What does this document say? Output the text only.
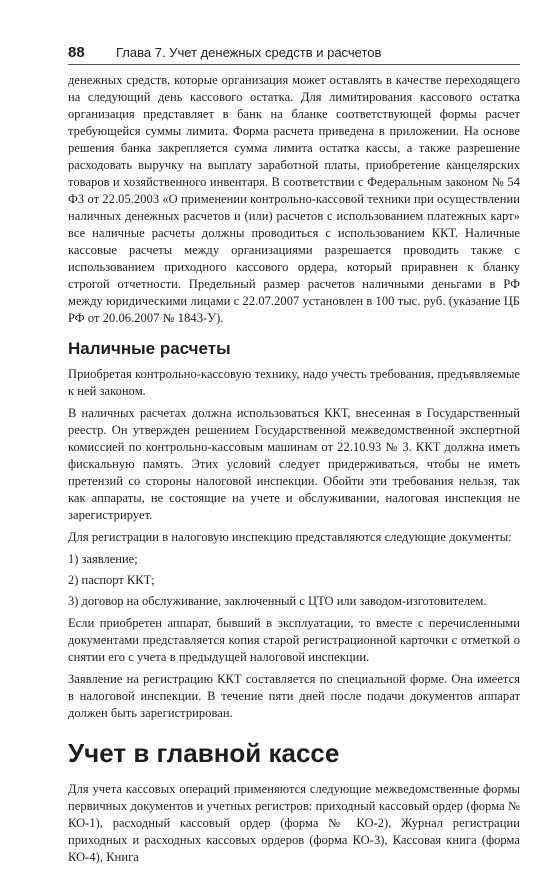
88 Глава 7. Учет денежных средств и расчетов

денежных средств, которые организация может оставлять в качестве переходящего на следующий день кассового остатка. Для лимитирования кассового остатка организация представляет в банк на бланке соответствующей формы расчет требующейся суммы лимита. Форма расчета приведена в приложении. На основе решения банка закрепляется сумма лимита остатка кассы, а также разрешение расходовать выручку на выплату заработной платы, приобретение канцелярских товаров и хозяйственного инвентаря. В соответствии с Федеральным законом № 54 ФЗ от 22.05.2003 «О применении контрольно-кассовой техники при осуществлении наличных денежных расчетов и (или) расчетов с использованием платежных карт» все наличные расчеты должны проводиться с использованием ККТ. Наличные кассовые расчеты между организациями разрешается проводить также с использованием приходного кассового ордера, который приравнен к бланку строгой отчетности. Предельный размер расчетов наличными деньгами в РФ между юридическими лицами с 22.07.2007 установлен в 100 тыс. руб. (указание ЦБ РФ от 20.06.2007 № 1843-У).

Наличные расчеты

Приобретая контрольно-кассовую технику, надо учесть требования, предъявляемые к ней законом.

В наличных расчетах должна использоваться ККТ, внесенная в Государственный реестр. Он утвержден решением Государственной межведомственной экспертной комиссией по контрольно-кассовым машинам от 22.10.93 № 3. ККТ должна иметь фискальную память. Этих условий следует придерживаться, чтобы не иметь претензий со стороны налоговой инспекции. Обойти эти требования нельзя, так как аппараты, не состоящие на учете и обслуживании, налоговая инспекция не зарегистрирует.

Для регистрации в налоговую инспекцию представляются следующие документы:

1) заявление;
2) паспорт ККТ;
3) договор на обслуживание, заключенный с ЦТО или заводом-изготовителем.

Если приобретен аппарат, бывший в эксплуатации, то вместе с перечисленными документами представляется копия старой регистрационной карточки с отметкой о снятии его с учета в предыдущей налоговой инспекции.

Заявление на регистрацию ККТ составляется по специальной форме. Она имеется в налоговой инспекции. В течение пяти дней после подачи документов аппарат должен быть зарегистрирован.

Учет в главной кассе

Для учета кассовых операций применяются следующие межведомственные формы первичных документов и учетных регистров: приходный кассовый ордер (форма № КО-1), расходный кассовый ордер (форма № КО-2), Журнал регистрации приходных и расходных кассовых ордеров (форма КО-3), Кассовая книга (форма КО-4), Книга
